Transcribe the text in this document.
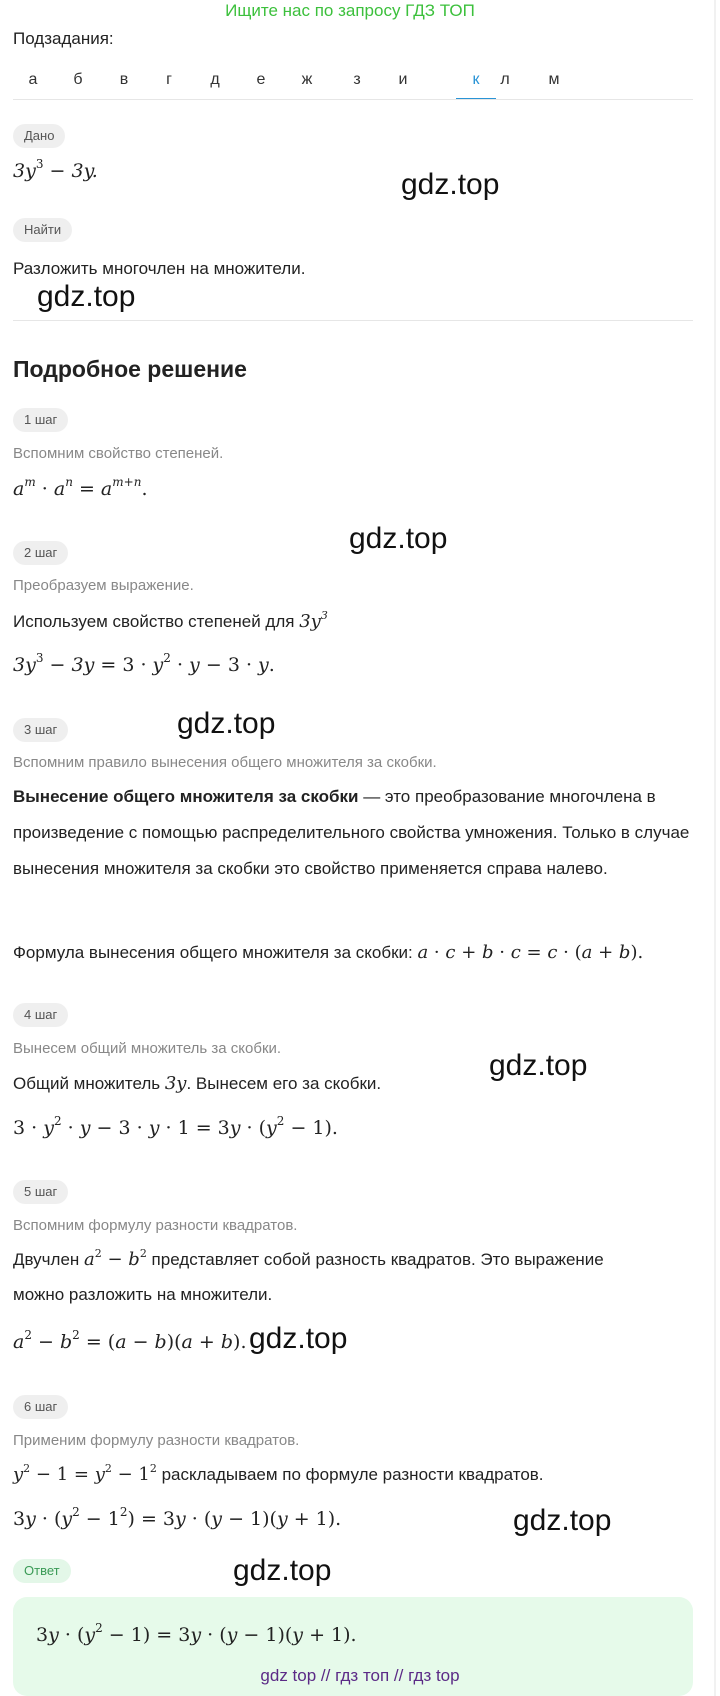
Ищите нас по запросу ГДЗ ТОП
Подзадания:
а	б	в	г	д	е	ж	з	и	к	л	м
Дано
$3y^3 - 3y$.
Найти
Разложить многочлен на множители.
Подробное решение
1 шаг
Вспомним свойство степеней.
$a^m \cdot a^n = a^{m+n}$.
2 шаг
Преобразуем выражение.
Используем свойство степеней для $3y^3$
$3y^3 - 3y = 3 \cdot y^2 \cdot y - 3 \cdot y$.
3 шаг
Вспомним правило вынесения общего множителя за скобки.
Вынесение общего множителя за скобки — это преобразование многочлена в произведение с помощью распределительного свойства умножения. Только в случае вынесения множителя за скобки это свойство применяется справа налево.
Формула вынесения общего множителя за скобки: a · c + b · c = c · (a + b).
4 шаг
Вынесем общий множитель за скобки.
Общий множитель 3y. Вынесем его за скобки.
$3 \cdot y^2 \cdot y - 3 \cdot y \cdot 1 = 3y \cdot (y^2 - 1)$.
5 шаг
Вспомним формулу разности квадратов.
Двучлен $a^2 - b^2$ представляет собой разность квадратов. Это выражение
можно разложить на множители.
$a^2 - b^2 = (a - b)(a + b)$.
6 шаг
Применим формулу разности квадратов.
$y^2 - 1 = y^2 - 1^2$ раскладываем по формуле разности квадратов.
$3y \cdot (y^2 - 1^2) = 3y \cdot (y - 1)(y + 1)$.
Ответ
$3y \cdot (y^2 - 1) = 3y \cdot (y - 1)(y + 1)$.
gdz.top
gdz.top
gdz.top
gdz.top
gdz.top
gdz.top
gdz.top
gdz.top
gdz top // гдз топ // гдз top
